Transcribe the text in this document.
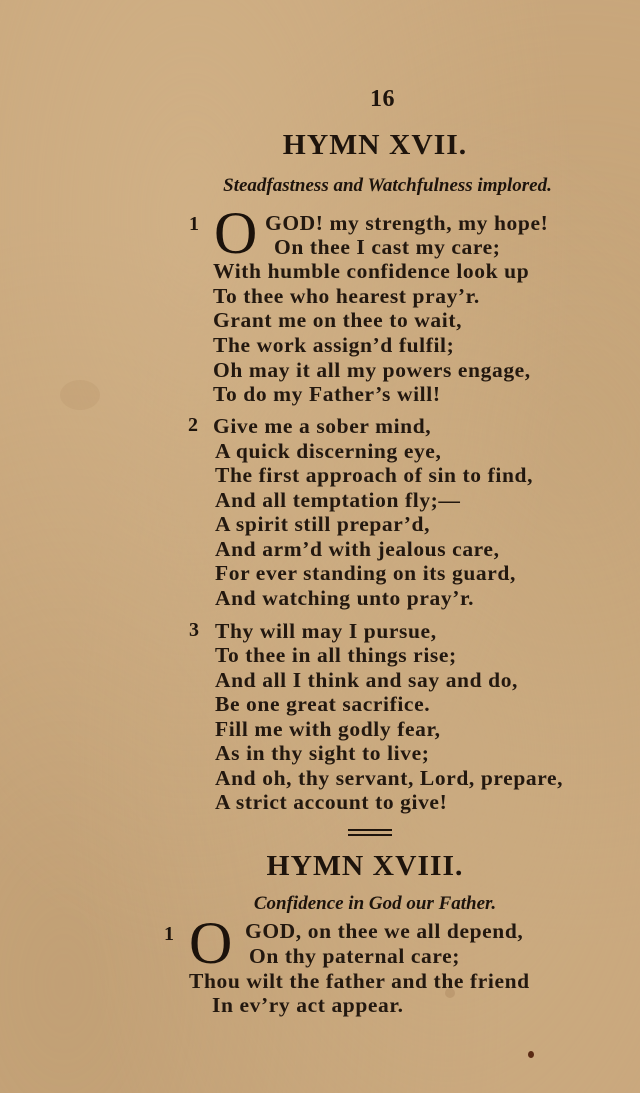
16
HYMN XVII.
Steadfastness and Watchfulness implored.
1 O GOD! my strength, my hope!
On thee I cast my care;
With humble confidence look up
To thee who hearest pray’r.
Grant me on thee to wait,
The work assign’d fulfil;
Oh may it all my powers engage,
To do my Father’s will!
2 Give me a sober mind,
A quick discerning eye,
The first approach of sin to find,
And all temptation fly;—
A spirit still prepar’d,
And arm’d with jealous care,
For ever standing on its guard,
And watching unto pray’r.
3 Thy will may I pursue,
To thee in all things rise;
And all I think and say and do,
Be one great sacrifice.
Fill me with godly fear,
As in thy sight to live;
And oh, thy servant, Lord, prepare,
A strict account to give!
HYMN XVIII.
Confidence in God our Father.
1 O GOD, on thee we all depend,
On thy paternal care;
Thou wilt the father and the friend
In ev’ry act appear.
